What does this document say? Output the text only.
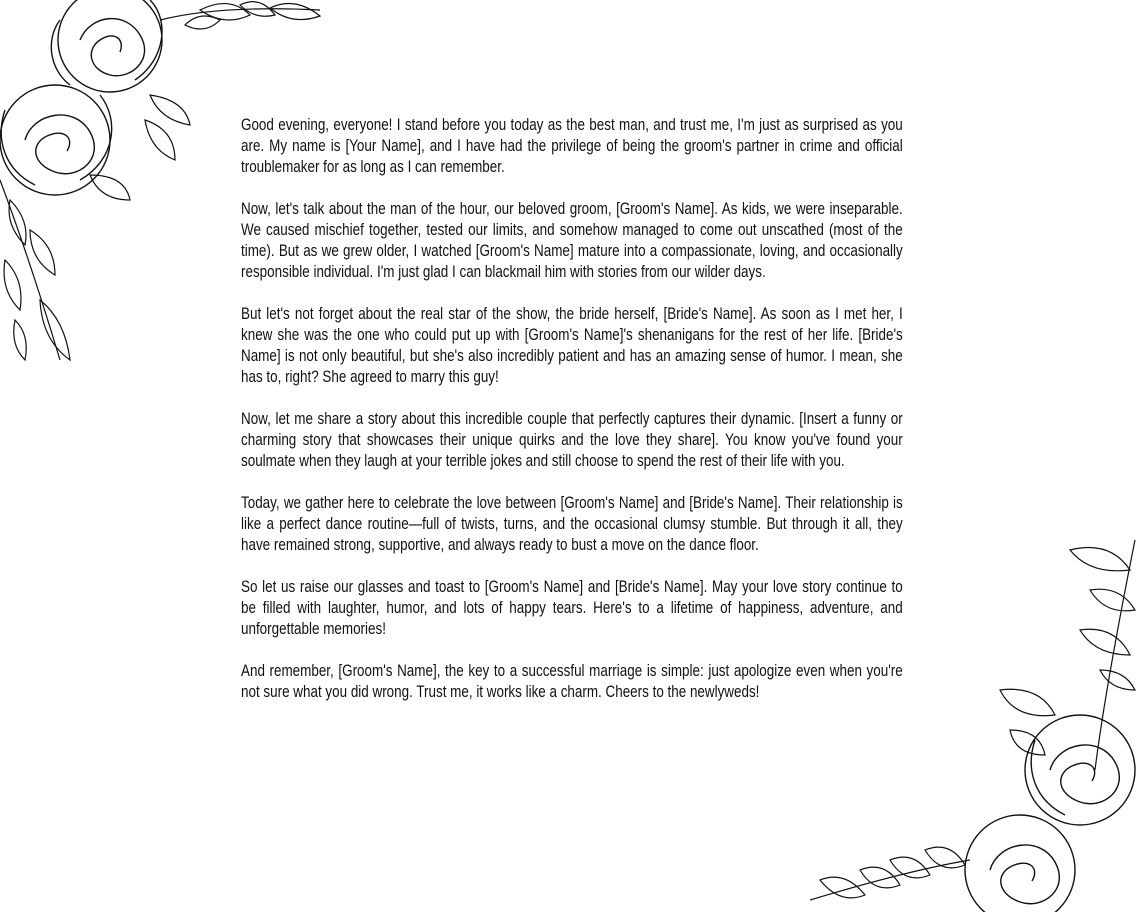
Good evening, everyone! I stand before you today as the best man, and trust me, I'm just as surprised as you are. My name is [Your Name], and I have had the privilege of being the groom's partner in crime and official troublemaker for as long as I can remember.

Now, let's talk about the man of the hour, our beloved groom, [Groom's Name]. As kids, we were inseparable. We caused mischief together, tested our limits, and somehow managed to come out unscathed (most of the time). But as we grew older, I watched [Groom's Name] mature into a compassionate, loving, and occasionally responsible individual. I'm just glad I can blackmail him with stories from our wilder days.

But let's not forget about the real star of the show, the bride herself, [Bride's Name]. As soon as I met her, I knew she was the one who could put up with [Groom's Name]'s shenanigans for the rest of her life. [Bride's Name] is not only beautiful, but she's also incredibly patient and has an amazing sense of humor. I mean, she has to, right? She agreed to marry this guy!

Now, let me share a story about this incredible couple that perfectly captures their dynamic. [Insert a funny or charming story that showcases their unique quirks and the love they share]. You know you've found your soulmate when they laugh at your terrible jokes and still choose to spend the rest of their life with you.

Today, we gather here to celebrate the love between [Groom's Name] and [Bride's Name]. Their relationship is like a perfect dance routine—full of twists, turns, and the occasional clumsy stumble. But through it all, they have remained strong, supportive, and always ready to bust a move on the dance floor.

So let us raise our glasses and toast to [Groom's Name] and [Bride's Name]. May your love story continue to be filled with laughter, humor, and lots of happy tears. Here's to a lifetime of happiness, adventure, and unforgettable memories!

And remember, [Groom's Name], the key to a successful marriage is simple: just apologize even when you're not sure what you did wrong. Trust me, it works like a charm. Cheers to the newlyweds!
